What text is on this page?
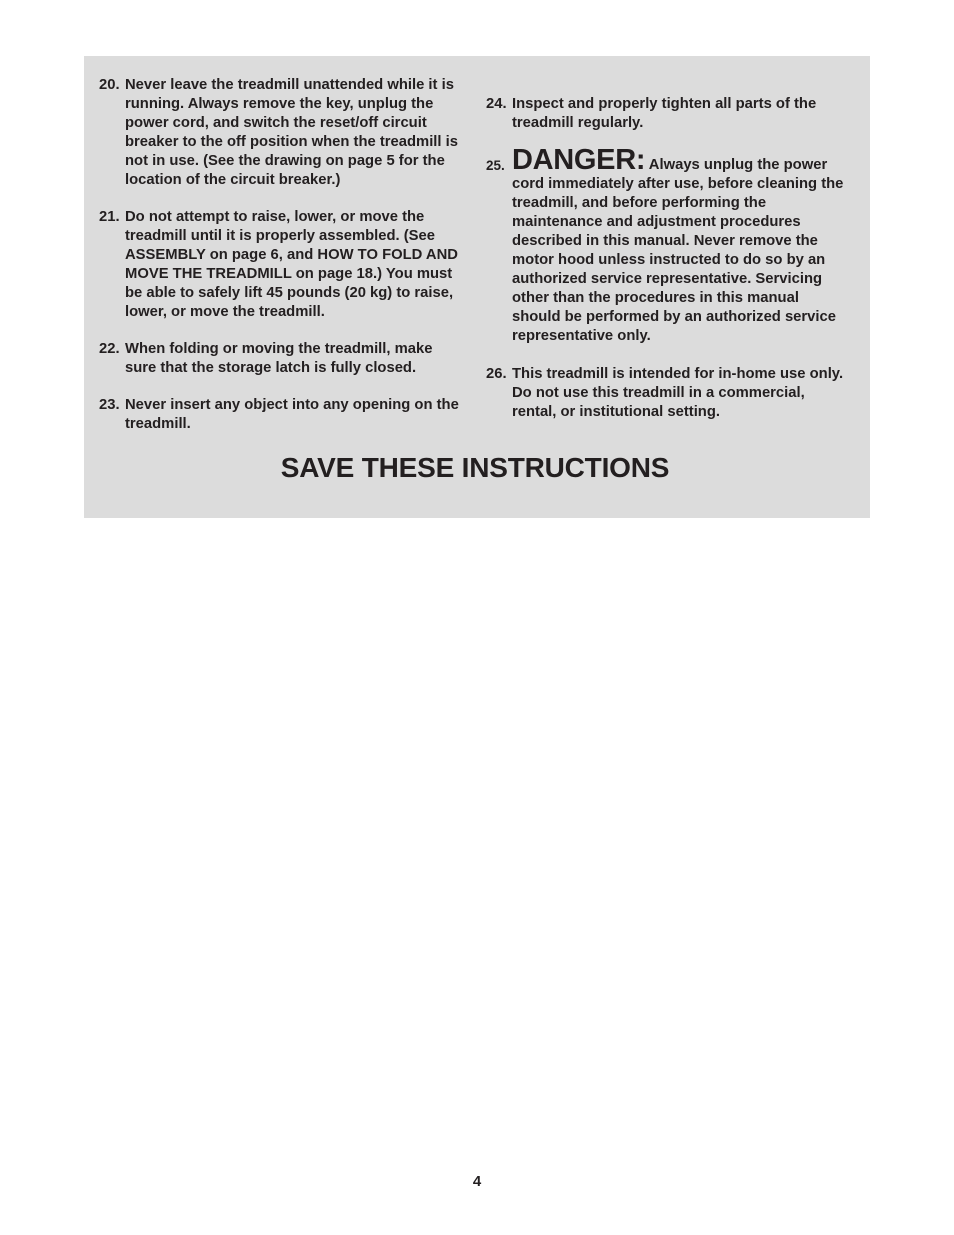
20. Never leave the treadmill unattended while it is running. Always remove the key, unplug the power cord, and switch the reset/off circuit breaker to the off position when the treadmill is not in use. (See the drawing on page 5 for the location of the circuit breaker.)
21. Do not attempt to raise, lower, or move the treadmill until it is properly assembled. (See ASSEMBLY on page 6, and HOW TO FOLD AND MOVE THE TREADMILL on page 18.) You must be able to safely lift 45 pounds (20 kg) to raise, lower, or move the treadmill.
22. When folding or moving the treadmill, make sure that the storage latch is fully closed.
23. Never insert any object into any opening on the treadmill.
24. Inspect and properly tighten all parts of the treadmill regularly.
25. DANGER: Always unplug the power
cord immediately after use, before cleaning the treadmill, and before performing the maintenance and adjustment procedures described in this manual. Never remove the motor hood unless instructed to do so by an authorized service representative. Servicing other than the procedures in this manual should be performed by an authorized service representative only.
26. This treadmill is intended for in-home use only. Do not use this treadmill in a commercial, rental, or institutional setting.
SAVE THESE INSTRUCTIONS
4
